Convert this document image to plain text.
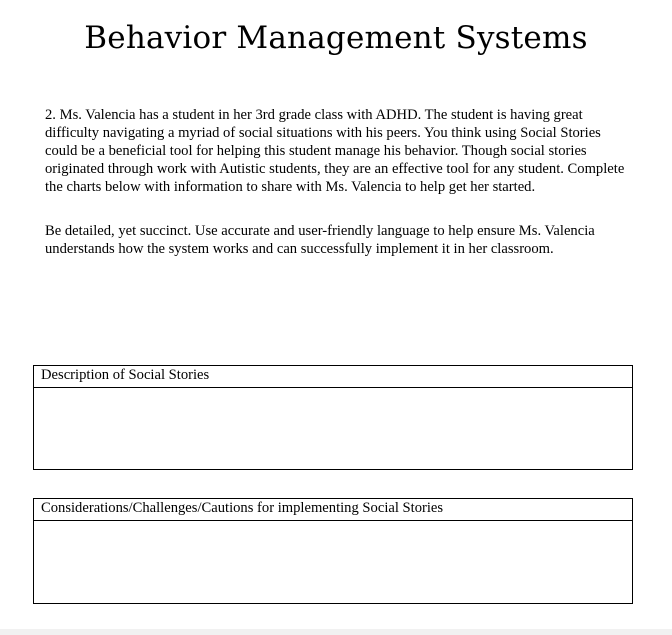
Behavior Management Systems

2. Ms. Valencia has a student in her 3rd grade class with ADHD. The student is having great difficulty navigating a myriad of social situations with his peers. You think using Social Stories could be a beneficial tool for helping this student manage his behavior. Though social stories originated through work with Autistic students, they are an effective tool for any student. Complete the charts below with information to share with Ms. Valencia to help get her started.

Be detailed, yet succinct. Use accurate and user-friendly language to help ensure Ms. Valencia understands how the system works and can successfully implement it in her classroom.

Description of Social Stories
Considerations/Challenges/Cautions for implementing Social Stories
